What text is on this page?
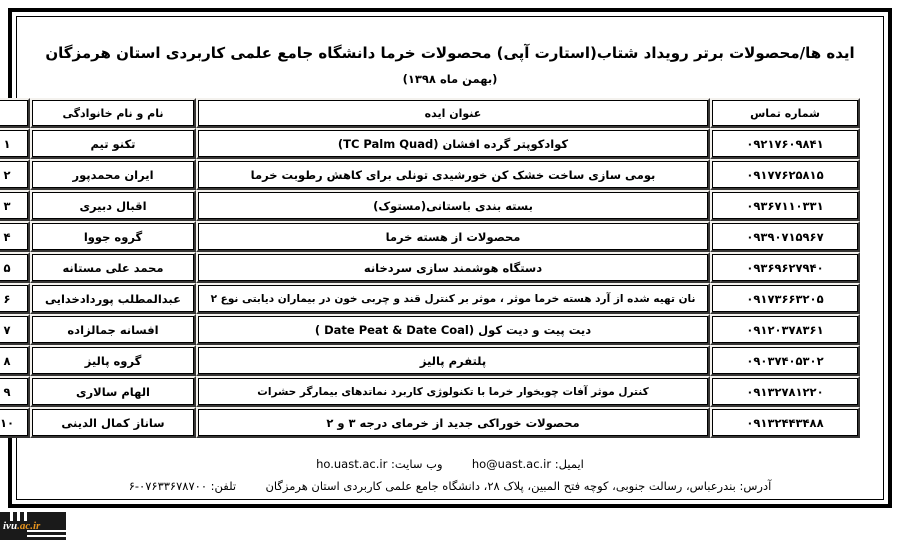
ایده ها/محصولات برتر رویداد شتاب(استارت آپی) محصولات خرما دانشگاه جامع علمی کاربردی استان هرمزگان
(بهمن ماه ۱۳۹۸)
شماره تماس	عنوان ایده	نام و نام خانوادگی	
۰۹۲۱۷۶۰۹۸۴۱	کوادکوپتر گرده افشان (TC Palm Quad)	تکنو تیم	۱
۰۹۱۷۷۶۲۵۸۱۵	بومی سازی ساخت خشک کن خورشیدی تونلی برای کاهش رطوبت خرما	ایران محمدپور	۲
۰۹۳۶۷۱۱۰۳۳۱	بسته بندی باستانی(مستوک)	اقبال دبیری	۳
۰۹۳۹۰۷۱۵۹۶۷	محصولات از هسته خرما	گروه جووا	۴
۰۹۳۶۹۶۲۷۹۴۰	دستگاه هوشمند سازی سردخانه	محمد علی مستانه	۵
۰۹۱۷۳۶۶۳۲۰۵	نان تهیه شده از آرد هسته خرما موثر ، موثر بر کنترل قند و چربی خون در بیماران دیابتی نوع ۲	عبدالمطلب پوردادخدایی	۶
۰۹۱۲۰۳۷۸۳۶۱	دیت پیت و دیت کول (Date Peat & Date Coal )	افسانه جمالزاده	۷
۰۹۰۳۷۴۰۵۳۰۲	پلتفرم پالیز	گروه پالیز	۸
۰۹۱۳۲۷۸۱۲۲۰	کنترل موثر آفات چوبخوار خرما با تکنولوژی کاربرد نماتدهای بیمارگر حشرات	الهام سالاری	۹
۰۹۱۳۲۴۴۳۴۸۸	محصولات خوراکی جدید از خرمای درجه ۳ و ۲	ساناز کمال الدینی	۱۰
ایمیل: ho@uast.ac.ir  وب سایت: ho.uast.ac.ir
آدرس: بندرعباس، رسالت جنوبی، کوچه فتح المبین، پلاک ۲۸، دانشگاه جامع علمی کاربردی استان هرمزگان  تلفن: ۰۷۶۳۳۶۷۸۷۰۰-۶
ivu.ac.ir
